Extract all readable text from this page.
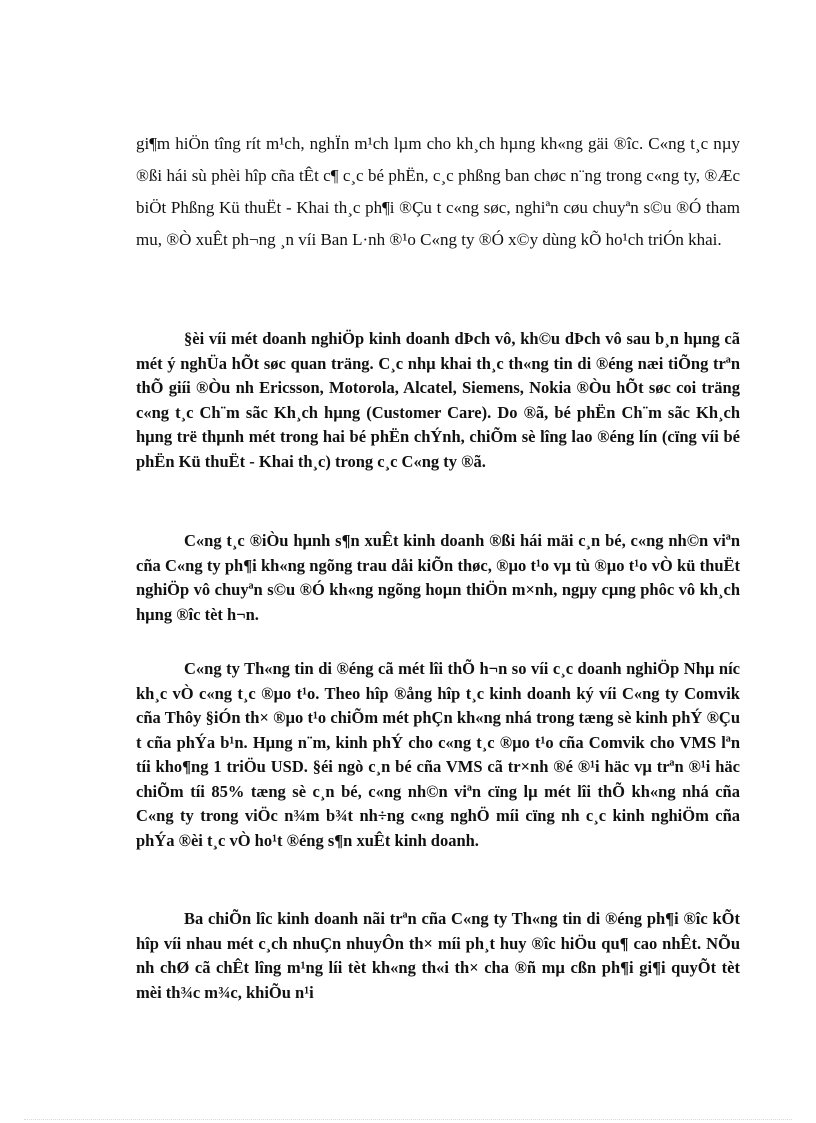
gi¶m hiÖn tîng rít m¹ch, nghÏn m¹ch lµm cho kh¸ch hµng kh«ng gäi ®îc. C«ng t¸c nµy ®ßi hái sù phèi hîp cña tÊt c¶ c¸c bé phËn, c¸c phßng ban chøc n¨ng trong c«ng ty, ®Æc biÖt Phßng Kü thuËt - Khai th¸c ph¶i ®Çu t c«ng søc, nghiªn cøu chuyªn s©u ®Ó tham mu, ®Ò xuÊt ph¬ng ¸n víi Ban L·nh ®¹o C«ng ty ®Ó x©y dùng kÕ ho¹ch triÓn khai.

§èi víi mét doanh nghiÖp kinh doanh dÞch vô, kh©u dÞch vô sau b¸n hµng cã mét ý nghÜa hÕt søc quan träng. C¸c nhµ khai th¸c th«ng tin di ®éng næi tiÕng trªn thÕ giíi ®Òu nh Ericsson, Motorola, Alcatel, Siemens, Nokia ®Òu hÕt søc coi träng c«ng t¸c Ch¨m sãc Kh¸ch hµng (Customer Care). Do ®ã, bé phËn Ch¨m sãc Kh¸ch hµng trë thµnh mét trong hai bé phËn chÝnh, chiÕm sè lîng lao ®éng lín (cïng víi bé phËn Kü thuËt - Khai th¸c) trong c¸c C«ng ty ®ã.

C«ng t¸c ®iÒu hµnh s¶n xuÊt kinh doanh ®ßi hái mäi c¸n bé, c«ng nh©n viªn cña C«ng ty ph¶i kh«ng ngõng trau dåi kiÕn thøc, ®µo t¹o vµ tù ®µo t¹o vÒ kü thuËt nghiÖp vô chuyªn s©u ®Ó kh«ng ngõng hoµn thiÖn m×nh, ngµy cµng phôc vô kh¸ch hµng ®îc tèt h¬n.

C«ng ty Th«ng tin di ®éng cã mét lîi thÕ h¬n so víi c¸c doanh nghiÖp Nhµ níc kh¸c vÒ c«ng t¸c ®µo t¹o. Theo hîp ®ång hîp t¸c kinh doanh ký víi C«ng ty Comvik cña Thôy §iÓn th× ®µo t¹o chiÕm mét phÇn kh«ng nhá trong tæng sè kinh phÝ ®Çu t cña phÝa b¹n. Hµng n¨m, kinh phÝ cho c«ng t¸c ®µo t¹o cña Comvik cho VMS lªn tíi kho¶ng 1 triÖu USD. §éi ngò c¸n bé cña VMS cã tr×nh ®é ®¹i häc vµ trªn ®¹i häc chiÕm tíi 85% tæng sè c¸n bé, c«ng nh©n viªn cïng lµ mét lîi thÕ kh«ng nhá cña C«ng ty trong viÖc n¾m b¾t nh÷ng c«ng nghÖ míi cïng nh c¸c kinh nghiÖm cña phÝa ®èi t¸c vÒ ho¹t ®éng s¶n xuÊt kinh doanh.

Ba chiÕn lîc kinh doanh nãi trªn cña C«ng ty Th«ng tin di ®éng ph¶i ®îc kÕt hîp víi nhau mét c¸ch nhuÇn nhuyÔn th× míi ph¸t huy ®îc hiÖu qu¶ cao nhÊt. NÕu nh chØ cã chÊt lîng m¹ng líi tèt kh«ng th«i th× cha ®ñ mµ cßn ph¶i gi¶i quyÕt tèt mèi th¾c m¾c, khiÕu n¹i
